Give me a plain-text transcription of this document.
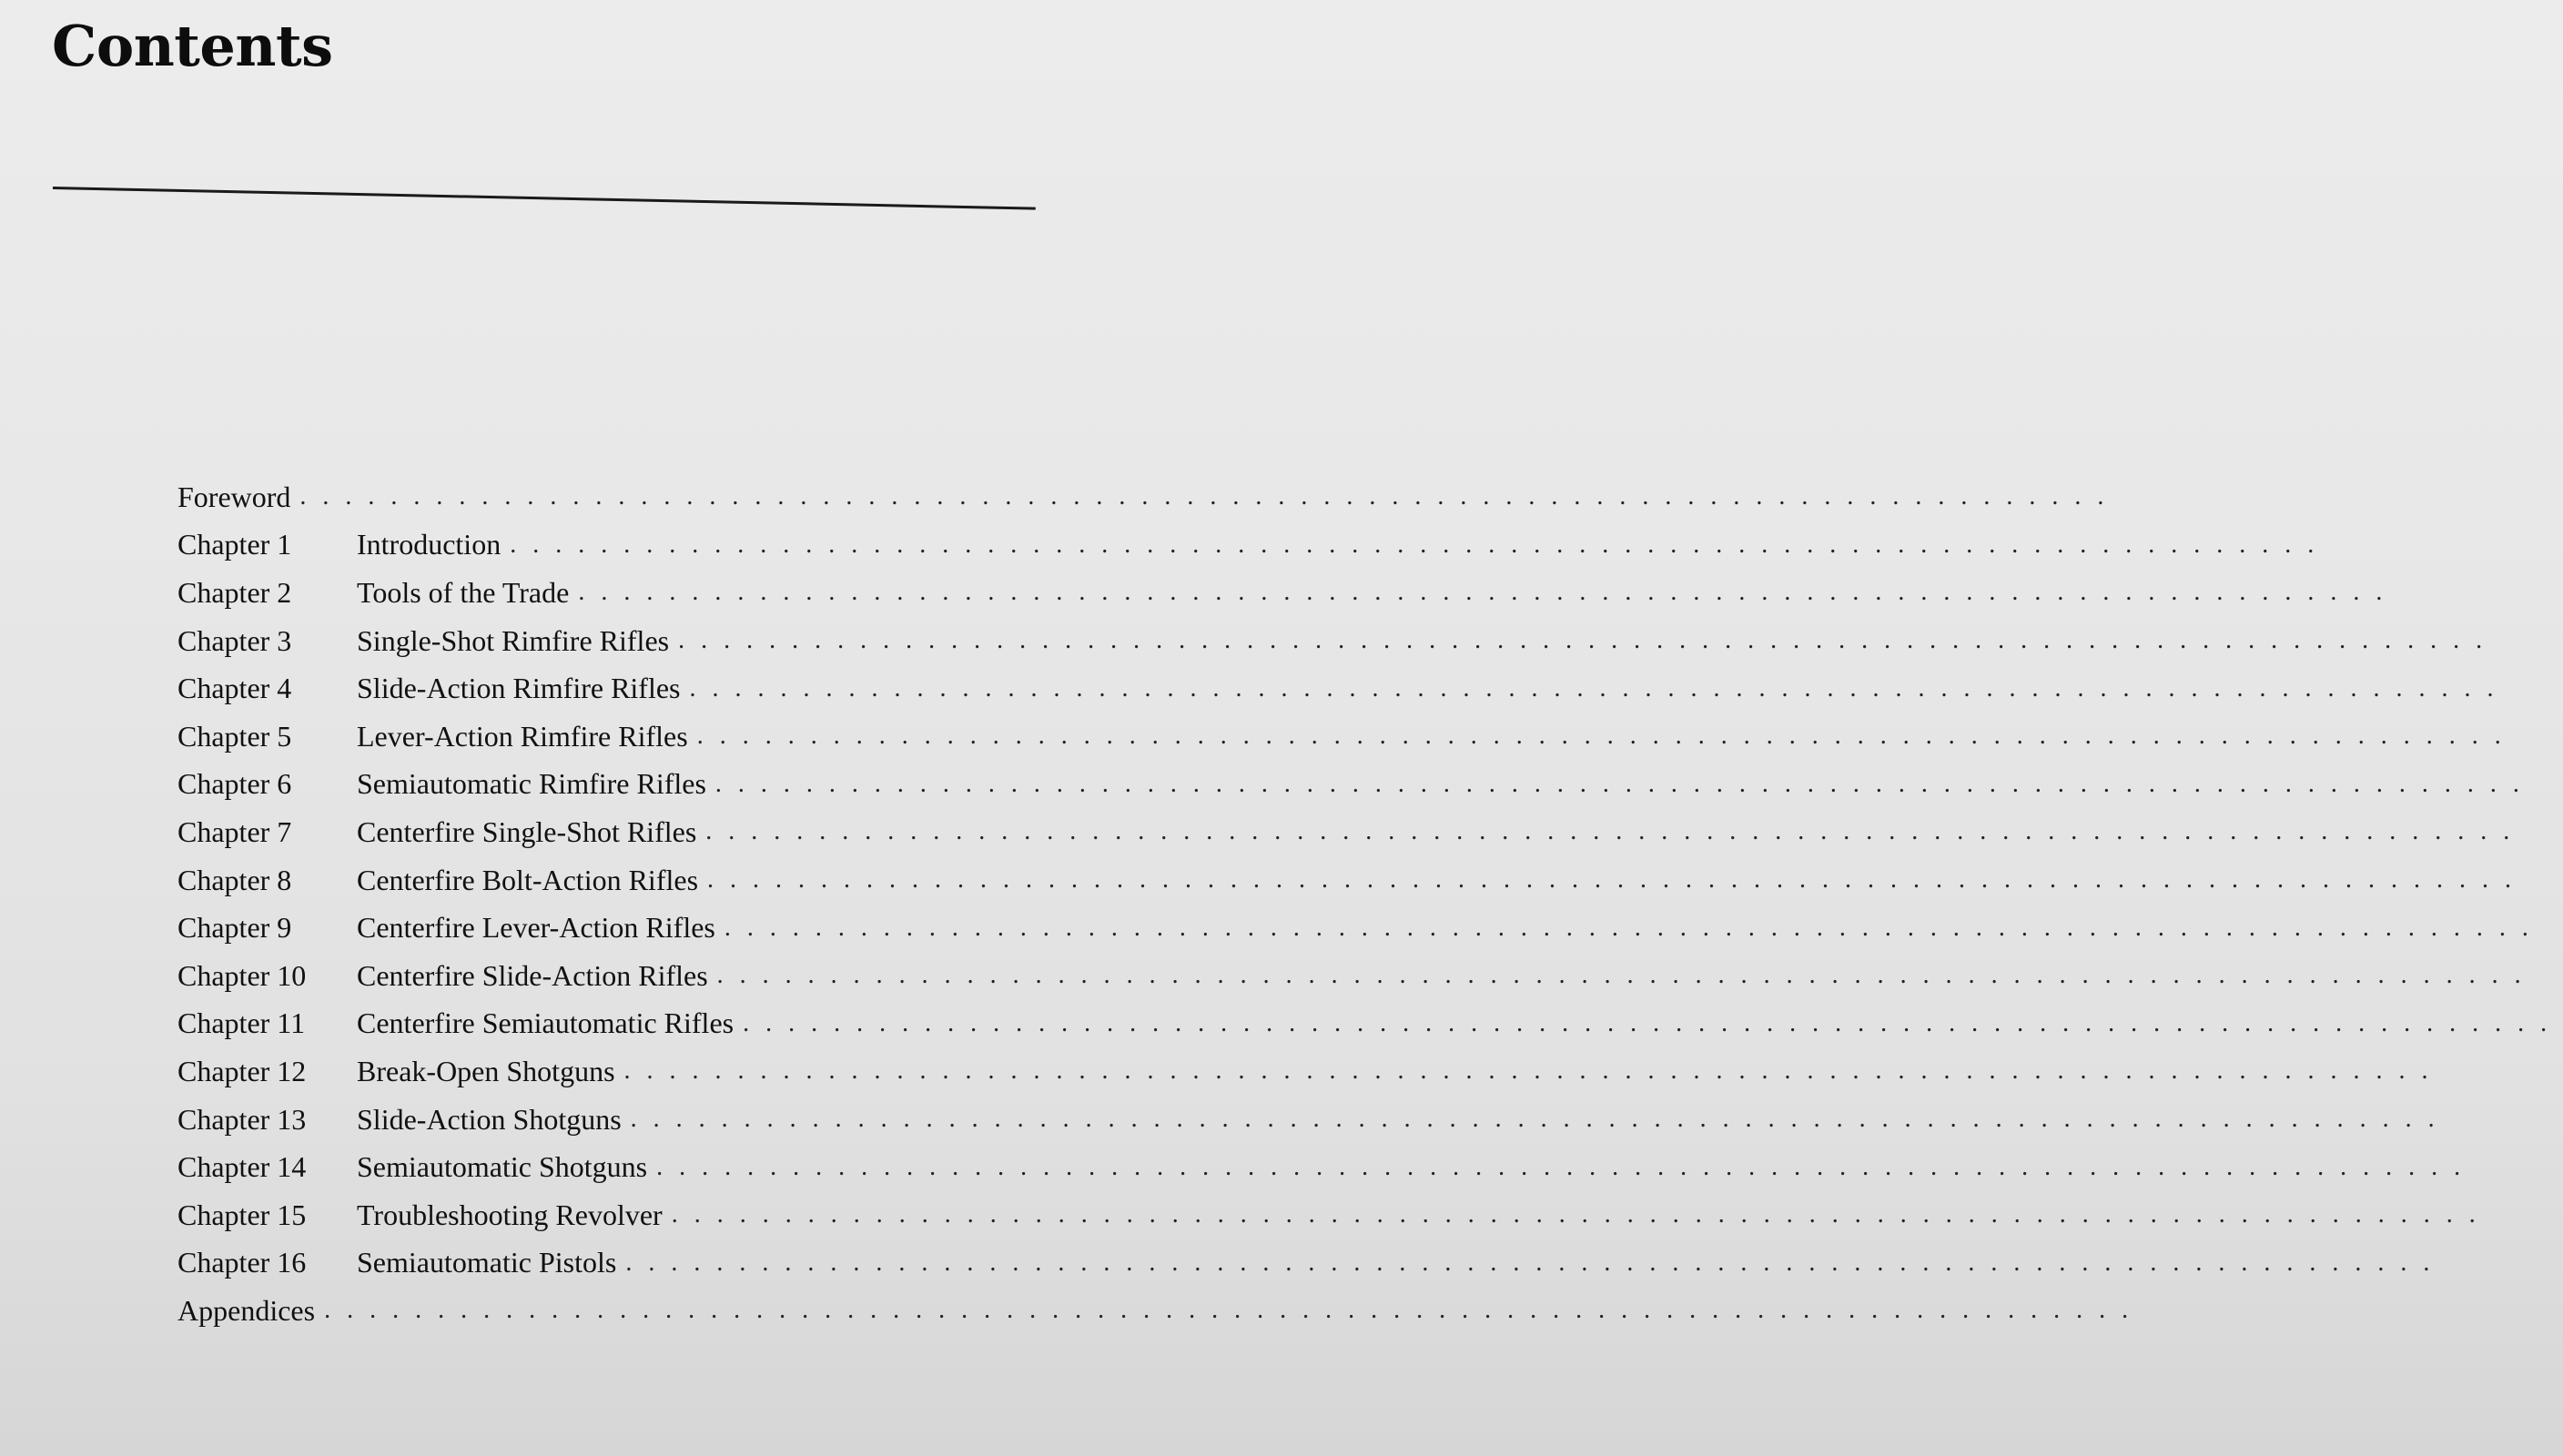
Contents
Foreword ................................................................................
Chapter 1	Introduction ................................................................................
Chapter 2	Tools of the Trade ................................................................................
Chapter 3	Single-Shot Rimfire Rifles ................................................................................
Chapter 4	Slide-Action Rimfire Rifles ................................................................................
Chapter 5	Lever-Action Rimfire Rifles ................................................................................
Chapter 6	Semiautomatic Rimfire Rifles ................................................................................
Chapter 7	Centerfire Single-Shot Rifles ................................................................................
Chapter 8	Centerfire Bolt-Action Rifles ................................................................................
Chapter 9	Centerfire Lever-Action Rifles ................................................................................
Chapter 10	Centerfire Slide-Action Rifles ................................................................................
Chapter 11	Centerfire Semiautomatic Rifles ................................................................................
Chapter 12	Break-Open Shotguns ................................................................................
Chapter 13	Slide-Action Shotguns ................................................................................
Chapter 14	Semiautomatic Shotguns ................................................................................
Chapter 15	Troubleshooting Revolver ................................................................................
Chapter 16	Semiautomatic Pistols ................................................................................
Appendices ................................................................................
